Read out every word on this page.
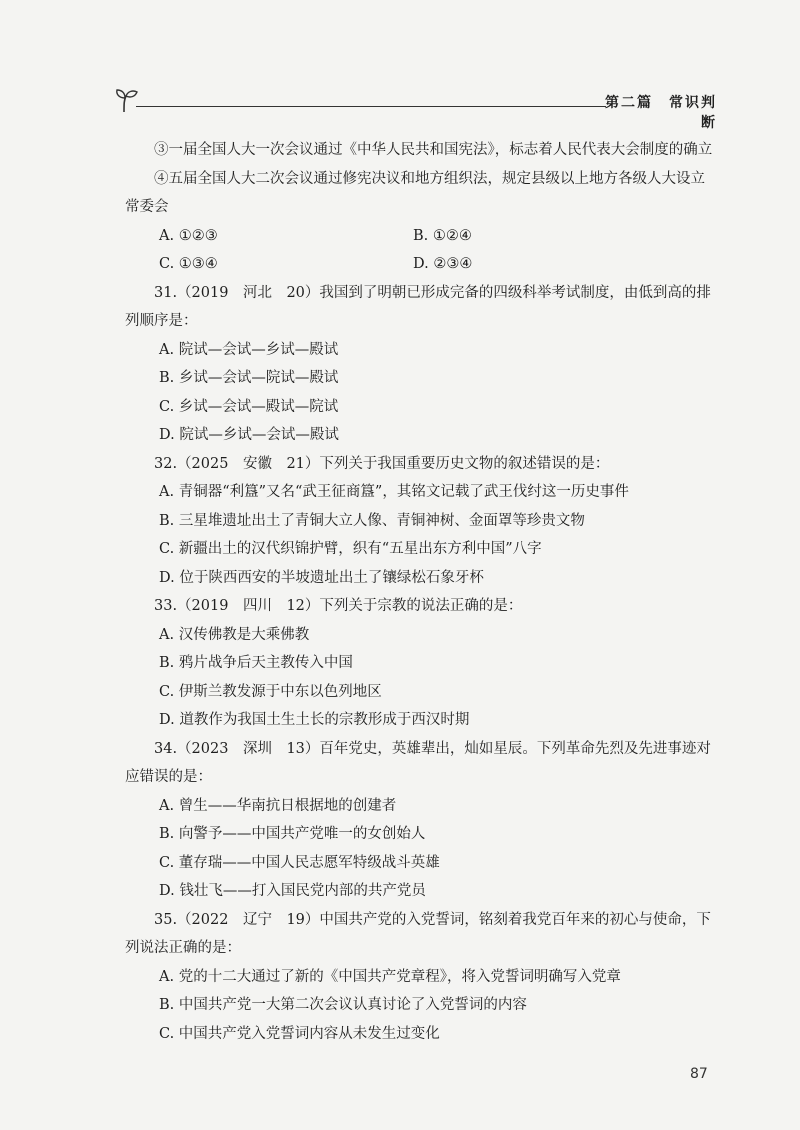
第二篇　常识判断

③一届全国人大一次会议通过《中华人民共和国宪法》，标志着人民代表大会制度的确立

④五届全国人大二次会议通过修宪决议和地方组织法，规定县级以上地方各级人大设立常委会

A. ①②③	B. ①②④
C. ①③④	D. ②③④

31.（2019　河北　20）我国到了明朝已形成完备的四级科举考试制度，由低到高的排列顺序是：

A. 院试—会试—乡试—殿试

B. 乡试—会试—院试—殿试

C. 乡试—会试—殿试—院试

D. 院试—乡试—会试—殿试

32.（2025　安徽　21）下列关于我国重要历史文物的叙述错误的是：

A. 青铜器“利簋”又名“武王征商簋”，其铭文记载了武王伐纣这一历史事件

B. 三星堆遗址出土了青铜大立人像、青铜神树、金面罩等珍贵文物

C. 新疆出土的汉代织锦护臂，织有“五星出东方利中国”八字

D. 位于陕西西安的半坡遗址出土了镶绿松石象牙杯

33.（2019　四川　12）下列关于宗教的说法正确的是：

A. 汉传佛教是大乘佛教

B. 鸦片战争后天主教传入中国

C. 伊斯兰教发源于中东以色列地区

D. 道教作为我国土生土长的宗教形成于西汉时期

34.（2023　深圳　13）百年党史，英雄辈出，灿如星辰。下列革命先烈及先进事迹对应错误的是：

A. 曾生——华南抗日根据地的创建者

B. 向警予——中国共产党唯一的女创始人

C. 董存瑞——中国人民志愿军特级战斗英雄

D. 钱壮飞——打入国民党内部的共产党员

35.（2022　辽宁　19）中国共产党的入党誓词，铭刻着我党百年来的初心与使命，下列说法正确的是：

A. 党的十二大通过了新的《中国共产党章程》，将入党誓词明确写入党章

B. 中国共产党一大第二次会议认真讨论了入党誓词的内容

C. 中国共产党入党誓词内容从未发生过变化

87
